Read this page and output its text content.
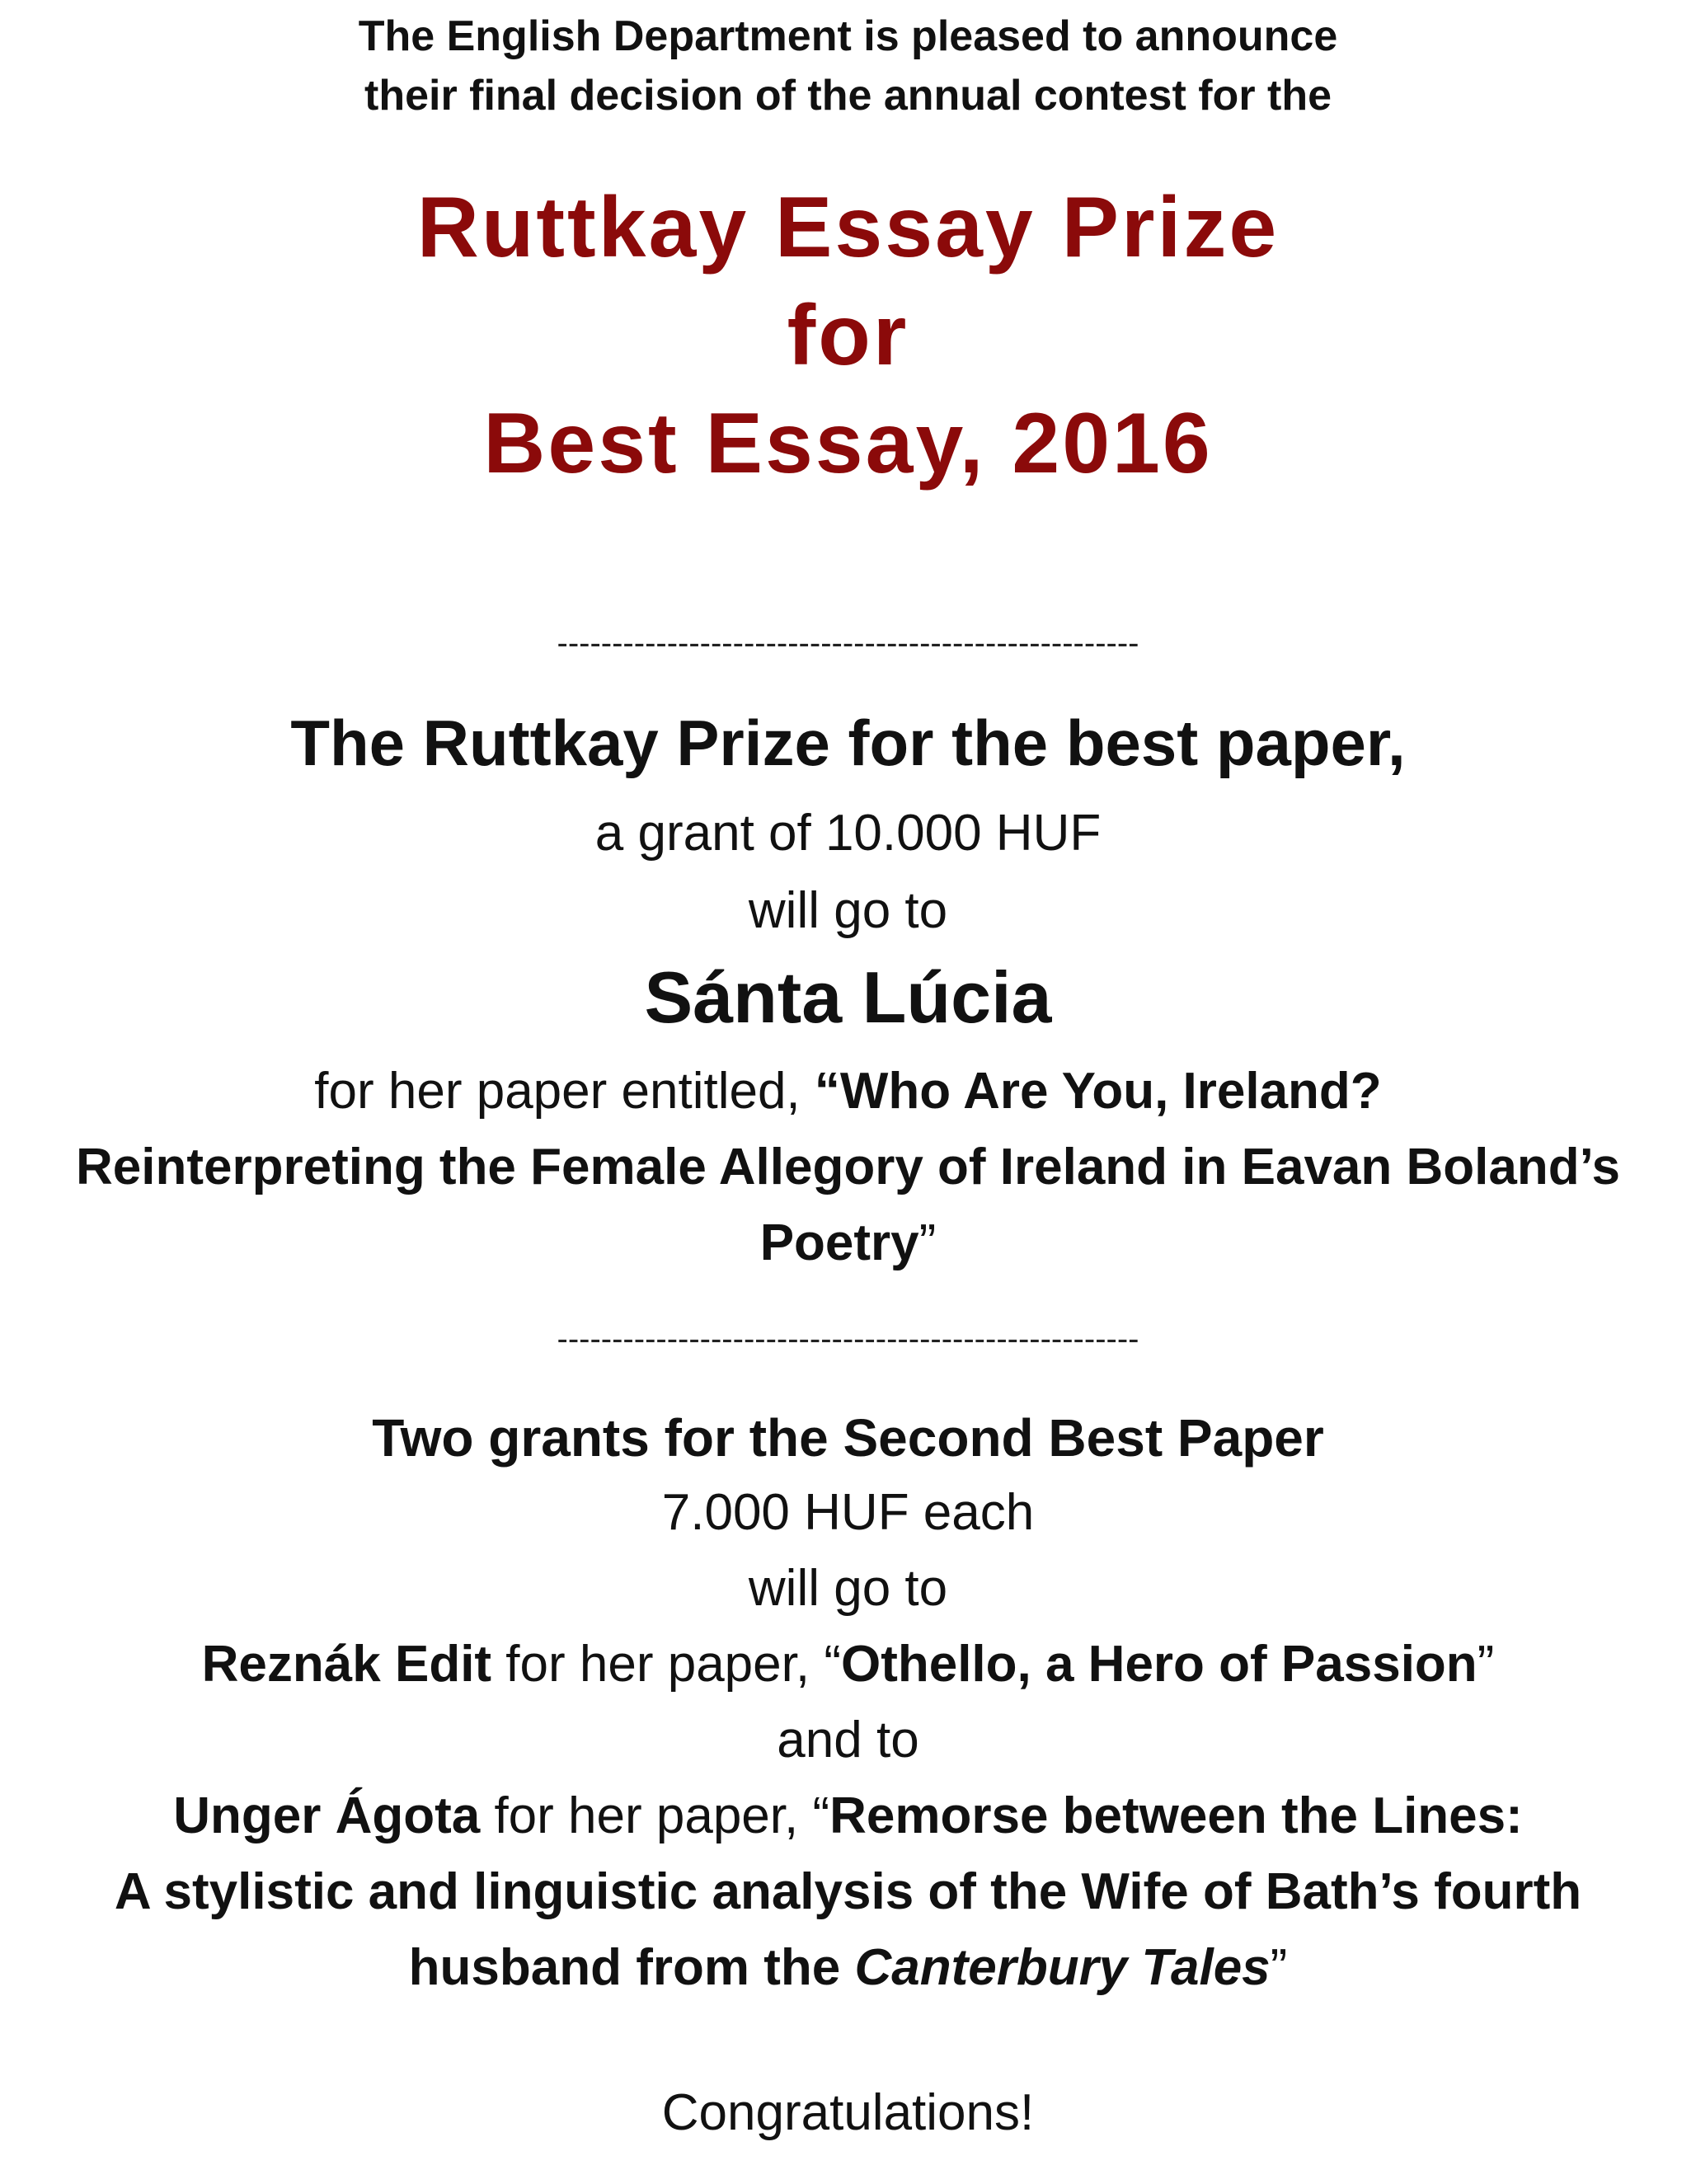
The English Department is pleased to announce
their final decision of the annual contest for the
Ruttkay Essay Prize
for
Best Essay, 2016
-----------------------------------------------------
The Ruttkay Prize for the best paper,
a grant of 10.000 HUF
will go to
Sánta Lúcia
for her paper entitled, “Who Are You, Ireland?
Reinterpreting the Female Allegory of Ireland in Eavan Boland’s
Poetry”
-----------------------------------------------------
Two grants for the Second Best Paper
7.000 HUF each
will go to
Reznák Edit for her paper, “Othello, a Hero of Passion”
and to
Unger Ágota for her paper, “Remorse between the Lines:
A stylistic and linguistic analysis of the Wife of Bath’s fourth
husband from the Canterbury Tales”
Congratulations!
